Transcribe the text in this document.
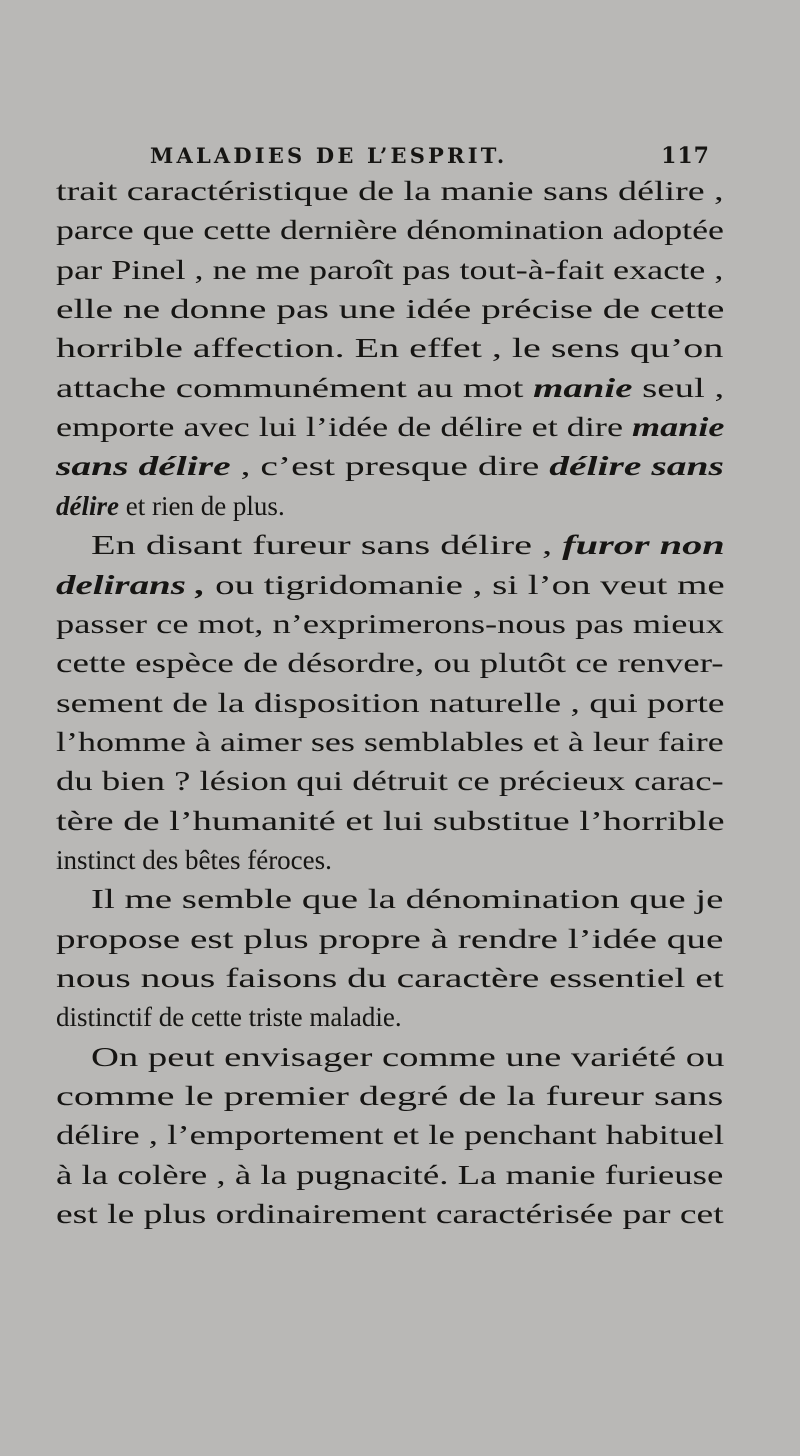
MALADIES DE L’ESPRIT.	117
trait caractéristique de la manie sans délire ,
parce que cette dernière dénomination adoptée
par Pinel , ne me paroît pas tout-à-fait exacte ,
elle ne donne pas une idée précise de cette
horrible affection. En effet , le sens qu’on
attache communément au mot manie seul ,
emporte avec lui l’idée de délire et dire manie
sans délire , c’est presque dire délire sans
délire et rien de plus.
En disant fureur sans délire , furor non
delirans , ou tigridomanie , si l’on veut me
passer ce mot, n’exprimerons-nous pas mieux
cette espèce de désordre, ou plutôt ce renver-
sement de la disposition naturelle , qui porte
l’homme à aimer ses semblables et à leur faire
du bien ? lésion qui détruit ce précieux carac-
tère de l’humanité et lui substitue l’horrible
instinct des bêtes féroces.
Il me semble que la dénomination que je
propose est plus propre à rendre l’idée que
nous nous faisons du caractère essentiel et
distinctif de cette triste maladie.
On peut envisager comme une variété ou
comme le premier degré de la fureur sans
délire , l’emportement et le penchant habituel
à la colère , à la pugnacité. La manie furieuse
est le plus ordinairement caractérisée par cet
